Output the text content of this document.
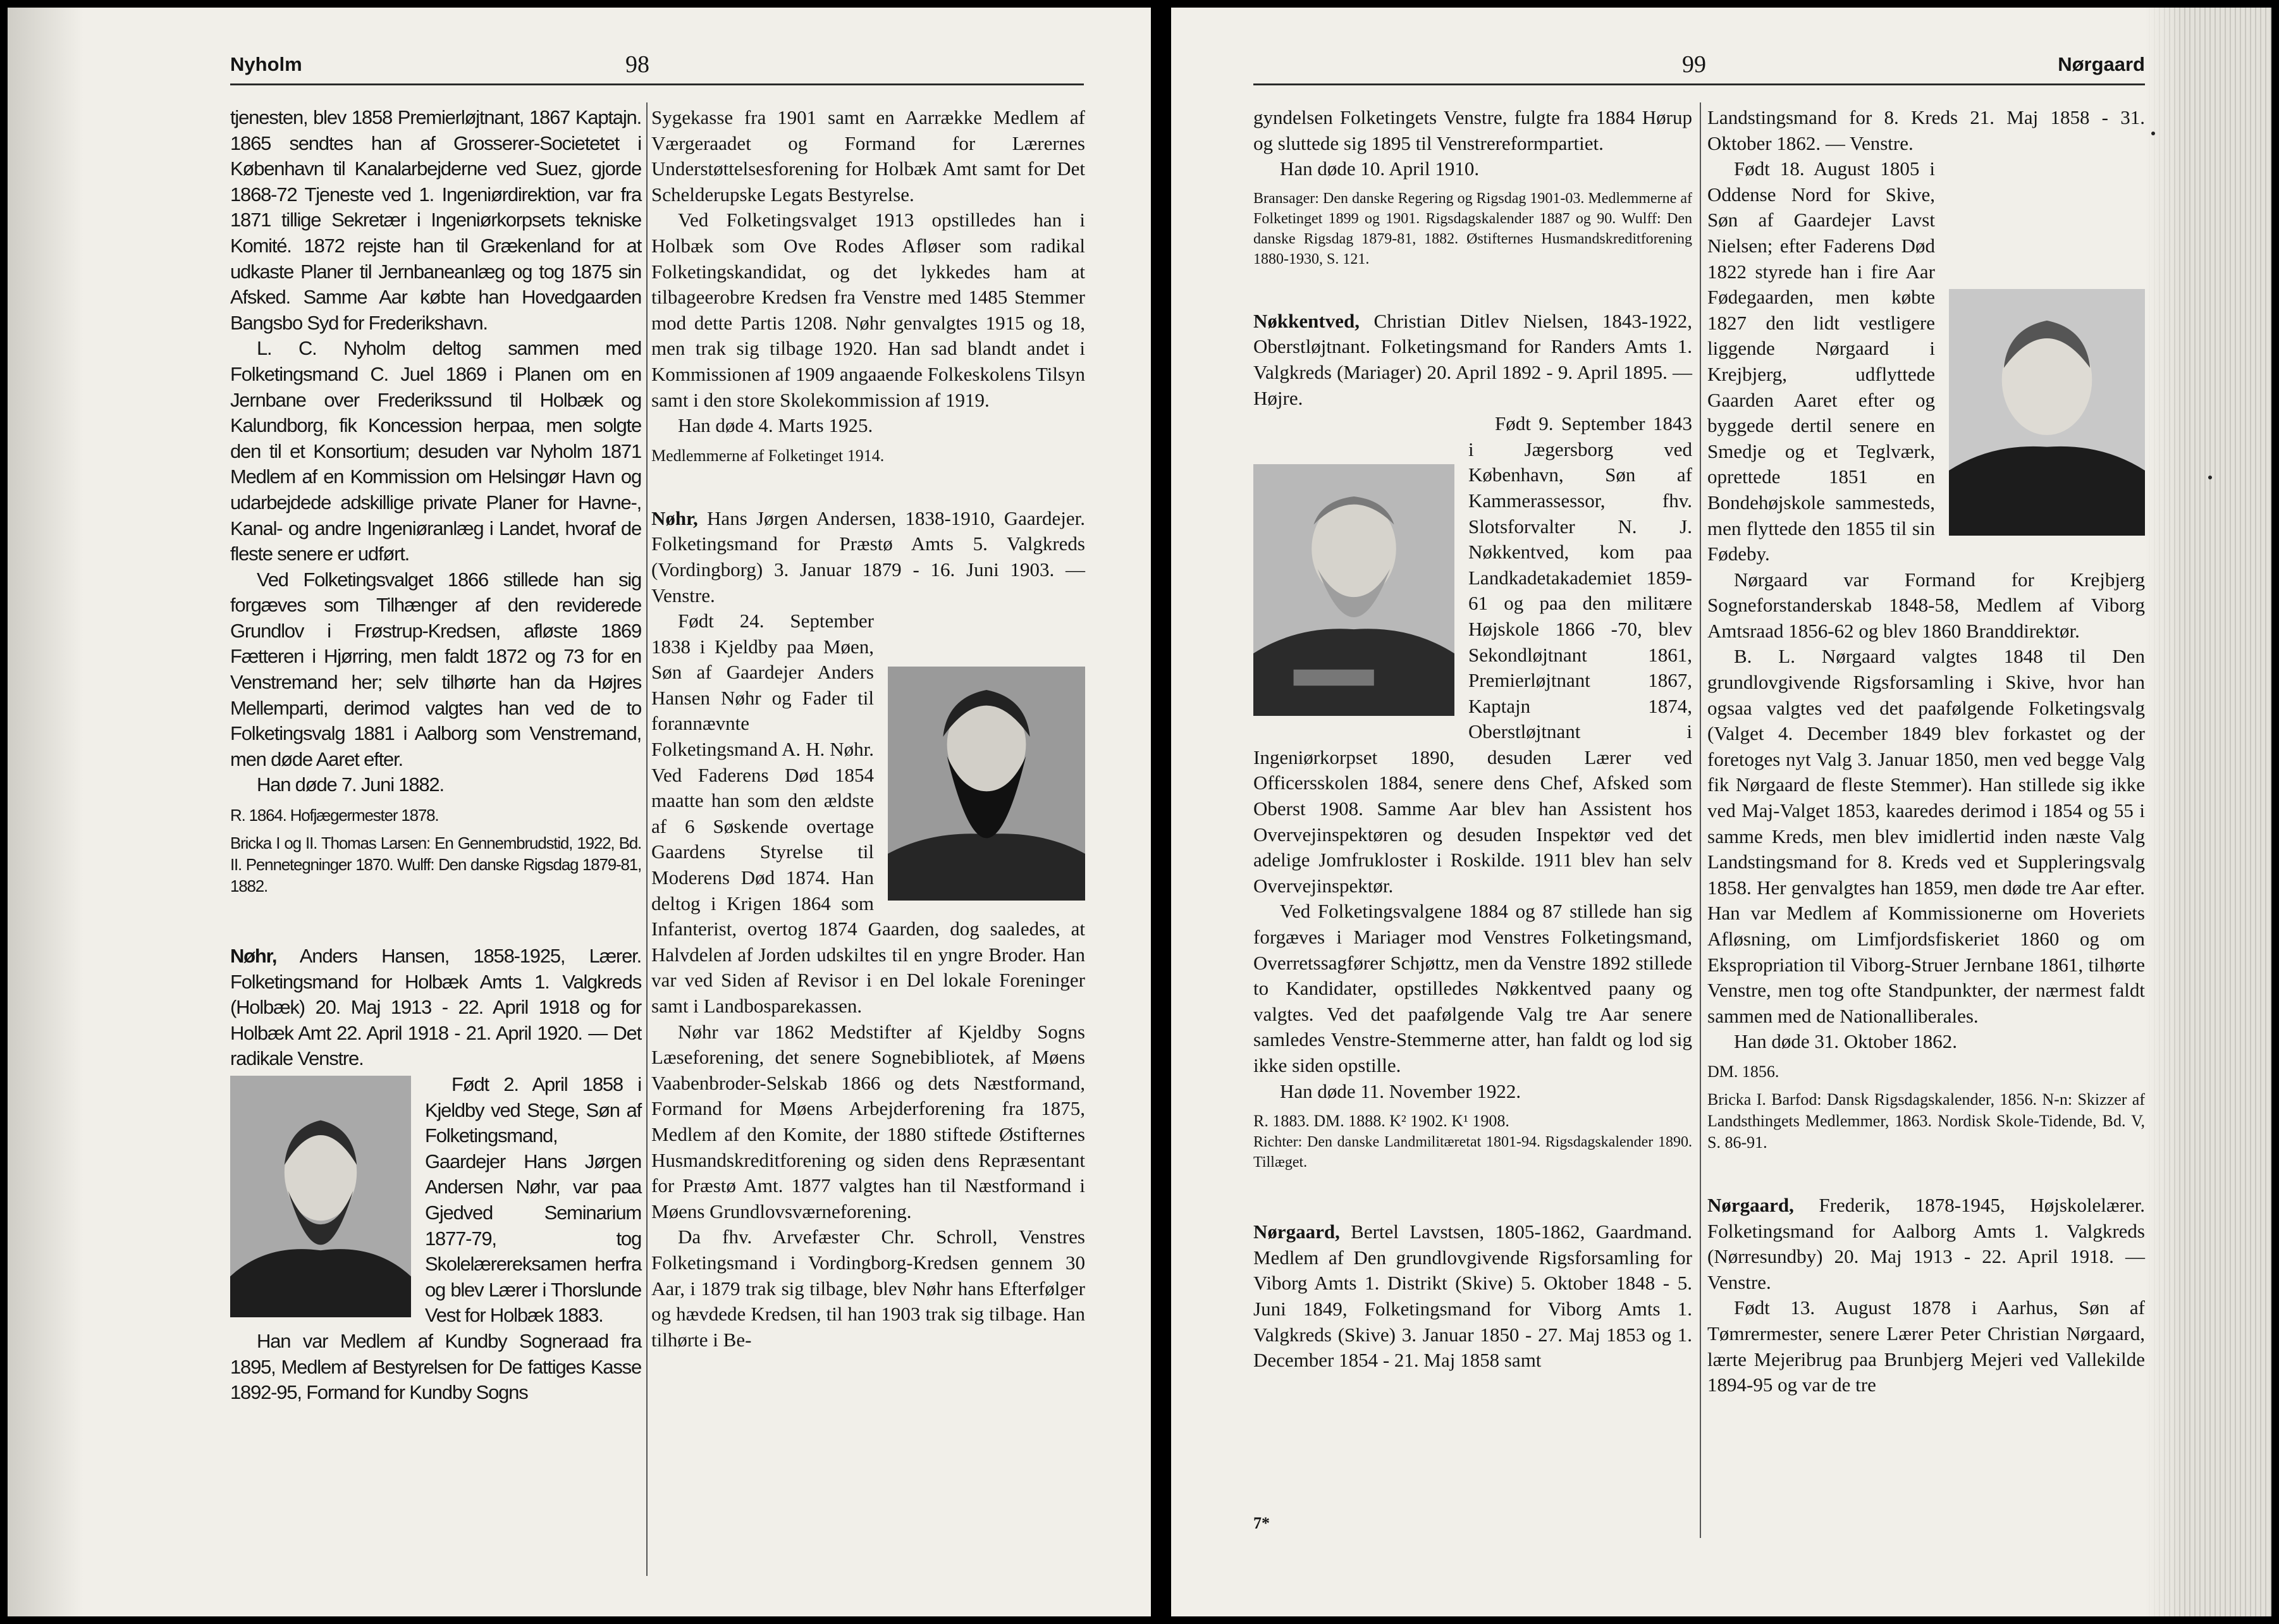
Nyholm	98

tjenesten, blev 1858 Premierløjtnant, 1867 Kaptajn. 1865 sendtes han af Grosserer-Societetet i København til Kanalarbejderne ved Suez, gjorde 1868-72 Tjeneste ved 1. Ingeniørdirektion, var fra 1871 tillige Sekretær i Ingeniørkorpsets tekniske Komité. 1872 rejste han til Grækenland for at udkaste Planer til Jernbaneanlæg og tog 1875 sin Afsked. Samme Aar købte han Hovedgaarden Bangsbo Syd for Frederikshavn.

L. C. Nyholm deltog sammen med Folketingsmand C. Juel 1869 i Planen om en Jernbane over Frederikssund til Holbæk og Kalundborg, fik Koncession herpaa, men solgte den til et Konsortium; desuden var Nyholm 1871 Medlem af en Kommission om Helsingør Havn og udarbejdede adskillige private Planer for Havne-, Kanal- og andre Ingeniøranlæg i Landet, hvoraf de fleste senere er udført.

Ved Folketingsvalget 1866 stillede han sig forgæves som Tilhænger af den reviderede Grundlov i Frøstrup-Kredsen, afløste 1869 Fætteren i Hjørring, men faldt 1872 og 73 for en Venstremand her; selv tilhørte han da Højres Mellemparti, derimod valgtes han ved de to Folketingsvalg 1881 i Aalborg som Venstremand, men døde Aaret efter.

Han døde 7. Juni 1882.

R. 1864. Hofjægermester 1878.

Bricka I og II. Thomas Larsen: En Gennembrudstid, 1922, Bd. II. Pennetegninger 1870. Wulff: Den danske Rigsdag 1879-81, 1882.

Nøhr, Anders Hansen, 1858-1925, Lærer. Folketingsmand for Holbæk Amts 1. Valgkreds (Holbæk) 20. Maj 1913 - 22. April 1918 og for Holbæk Amt 22. April 1918 - 21. April 1920. — Det radikale Venstre.

Født 2. April 1858 i Kjeldby ved Stege, Søn af Folketingsmand, Gaardejer Hans Jørgen Andersen Nøhr, var paa Gjedved Seminarium 1877-79, tog Skolelærereksamen herfra og blev Lærer i Thorslunde Vest for Holbæk 1883.

Han var Medlem af Kundby Sogneraad fra 1895, Medlem af Bestyrelsen for De fattiges Kasse 1892-95, Formand for Kundby Sogns

Sygekasse fra 1901 samt en Aarrække Medlem af Værgeraadet og Formand for Lærernes Understøttelsesforening for Holbæk Amt samt for Det Schelderupske Legats Bestyrelse.

Ved Folketingsvalget 1913 opstilledes han i Holbæk som Ove Rodes Afløser som radikal Folketingskandidat, og det lykkedes ham at tilbageerobre Kredsen fra Venstre med 1485 Stemmer mod dette Partis 1208. Nøhr genvalgtes 1915 og 18, men trak sig tilbage 1920. Han sad blandt andet i Kommissionen af 1909 angaaende Folkeskolens Tilsyn samt i den store Skolekommission af 1919.

Han døde 4. Marts 1925.

Medlemmerne af Folketinget 1914.

Nøhr, Hans Jørgen Andersen, 1838-1910, Gaardejer. Folketingsmand for Præstø Amts 5. Valgkreds (Vordingborg) 3. Januar 1879 - 16. Juni 1903. — Venstre.

Født 24. September 1838 i Kjeldby paa Møen, Søn af Gaardejer Anders Hansen Nøhr og Fader til forannævnte Folketingsmand A. H. Nøhr. Ved Faderens Død 1854 maatte han som den ældste af 6 Søskende overtage Gaardens Styrelse til Moderens Død 1874. Han deltog i Krigen 1864 som Infanterist, overtog 1874 Gaarden, dog saaledes, at Halvdelen af Jorden udskiltes til en yngre Broder. Han var ved Siden af Revisor i en Del lokale Foreninger samt i Landbosparekassen.

Nøhr var 1862 Medstifter af Kjeldby Sogns Læseforening, det senere Sognebibliotek, af Møens Vaabenbroder-Selskab 1866 og dets Næstformand, Formand for Møens Arbejderforening fra 1875, Medlem af den Komite, der 1880 stiftede Østifternes Husmandskreditforening og siden dens Repræsentant for Præstø Amt. 1877 valgtes han til Næstformand i Møens Grundlovsværneforening.

Da fhv. Arvefæster Chr. Schroll, Venstres Folketingsmand i Vordingborg-Kredsen gennem 30 Aar, i 1879 trak sig tilbage, blev Nøhr hans Efterfølger og hævdede Kredsen, til han 1903 trak sig tilbage. Han tilhørte i Be-

99	Nørgaard

gyndelsen Folketingets Venstre, fulgte fra 1884 Hørup og sluttede sig 1895 til Venstrereformpartiet.

Han døde 10. April 1910.

Bransager: Den danske Regering og Rigsdag 1901-03. Medlemmerne af Folketinget 1899 og 1901. Rigsdagskalender 1887 og 90. Wulff: Den danske Rigsdag 1879-81, 1882. Østifternes Husmandskreditforening 1880-1930, S. 121.

Nøkkentved, Christian Ditlev Nielsen, 1843-1922, Oberstløjtnant. Folketingsmand for Randers Amts 1. Valgkreds (Mariager) 20. April 1892 - 9. April 1895. — Højre.

Født 9. September 1843 i Jægersborg ved København, Søn af Kammerassessor, fhv. Slotsforvalter N. J. Nøkkentved, kom paa Landkadetakademiet 1859-61 og paa den militære Højskole 1866 -70, blev Sekondløjtnant 1861, Premierløjtnant 1867, Kaptajn 1874, Oberstløjtnant i Ingeniørkorpset 1890, desuden Lærer ved Officersskolen 1884, senere dens Chef, Afsked som Oberst 1908. Samme Aar blev han Assistent hos Overvejinspektøren og desuden Inspektør ved det adelige Jomfrukloster i Roskilde. 1911 blev han selv Overvejinspektør.

Ved Folketingsvalgene 1884 og 87 stillede han sig forgæves i Mariager mod Venstres Folketingsmand, Overretssagfører Schjøttz, men da Venstre 1892 stillede to Kandidater, opstilledes Nøkkentved paany og valgtes. Ved det paafølgende Valg tre Aar senere samledes Venstre-Stemmerne atter, han faldt og lod sig ikke siden opstille.

Han døde 11. November 1922.

R. 1883. DM. 1888. K² 1902. K¹ 1908.

Richter: Den danske Landmilitæretat 1801-94. Rigsdagskalender 1890. Tillæget.

Nørgaard, Bertel Lavstsen, 1805-1862, Gaardmand. Medlem af Den grundlovgivende Rigsforsamling for Viborg Amts 1. Distrikt (Skive) 5. Oktober 1848 - 5. Juni 1849, Folketingsmand for Viborg Amts 1. Valgkreds (Skive) 3. Januar 1850 - 27. Maj 1853 og 1. December 1854 - 21. Maj 1858 samt

Landstingsmand for 8. Kreds 21. Maj 1858 - 31. Oktober 1862. — Venstre.

Født 18. August 1805 i Oddense Nord for Skive, Søn af Gaardejer Lavst Nielsen; efter Faderens Død 1822 styrede han i fire Aar Fødegaarden, men købte 1827 den lidt vestligere liggende Nørgaard i Krejbjerg, udflyttede Gaarden Aaret efter og byggede dertil senere en Smedje og et Teglværk, oprettede 1851 en Bondehøjskole sammesteds, men flyttede den 1855 til sin Fødeby.

Nørgaard var Formand for Krejbjerg Sogneforstanderskab 1848-58, Medlem af Viborg Amtsraad 1856-62 og blev 1860 Branddirektør.

B. L. Nørgaard valgtes 1848 til Den grundlovgivende Rigsforsamling i Skive, hvor han ogsaa valgtes ved det paafølgende Folketingsvalg (Valget 4. December 1849 blev forkastet og der foretoges nyt Valg 3. Januar 1850, men ved begge Valg fik Nørgaard de fleste Stemmer). Han stillede sig ikke ved Maj-Valget 1853, kaaredes derimod i 1854 og 55 i samme Kreds, men blev imidlertid inden næste Valg Landstingsmand for 8. Kreds ved et Suppleringsvalg 1858. Her genvalgtes han 1859, men døde tre Aar efter. Han var Medlem af Kommissionerne om Hoveriets Afløsning, om Limfjordsfiskeriet 1860 og om Ekspropriation til Viborg-Struer Jernbane 1861, tilhørte Venstre, men tog ofte Standpunkter, der nærmest faldt sammen med de Nationalliberales.

Han døde 31. Oktober 1862.

DM. 1856.

Bricka I. Barfod: Dansk Rigsdagskalender, 1856. N-n: Skizzer af Landsthingets Medlemmer, 1863. Nordisk Skole-Tidende, Bd. V, S. 86-91.

Nørgaard, Frederik, 1878-1945, Højskolelærer. Folketingsmand for Aalborg Amts 1. Valgkreds (Nørresundby) 20. Maj 1913 - 22. April 1918. — Venstre.

Født 13. August 1878 i Aarhus, Søn af Tømrermester, senere Lærer Peter Christian Nørgaard, lærte Mejeribrug paa Brunbjerg Mejeri ved Vallekilde 1894-95 og var de tre

7*
